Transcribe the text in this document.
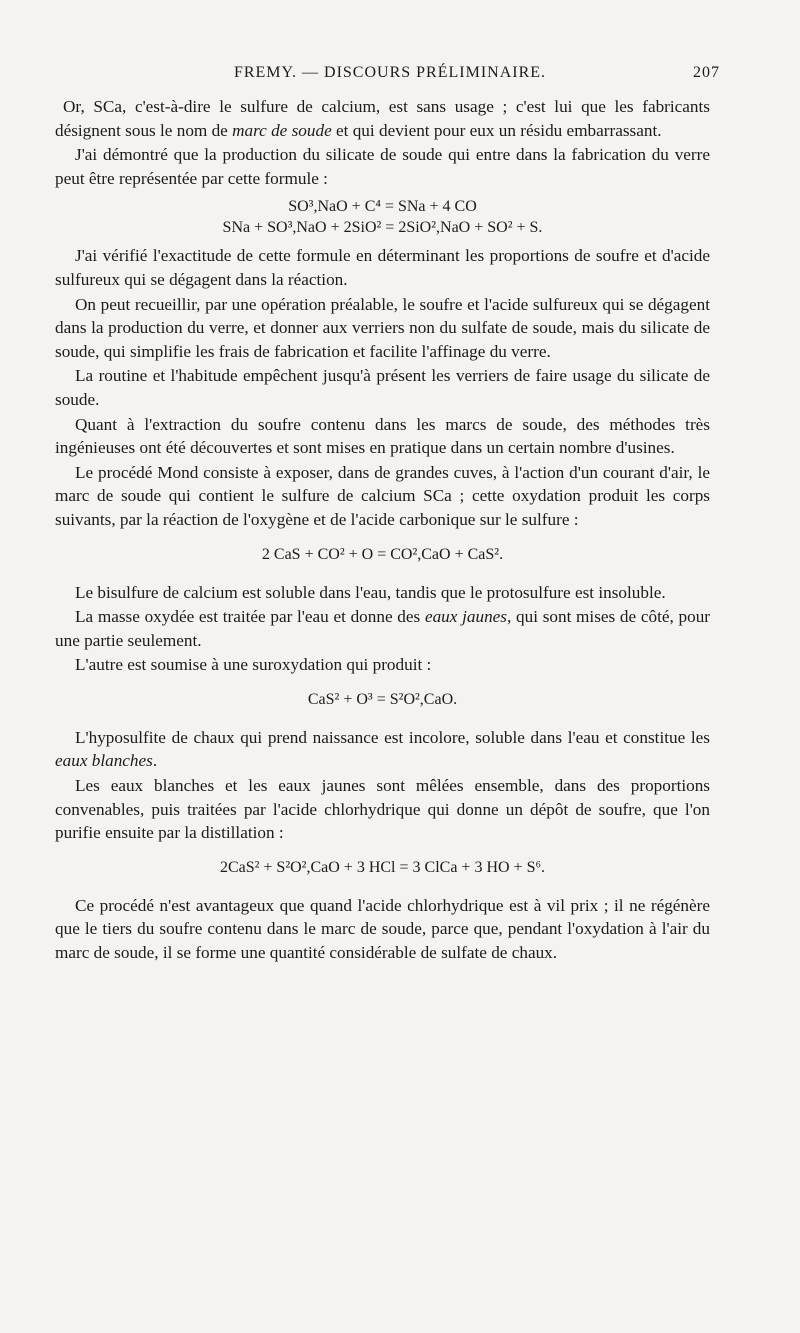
FREMY. — DISCOURS PRÉLIMINAIRE.	207

Or, SCa, c'est-à-dire le sulfure de calcium, est sans usage ; c'est lui que les fabricants désignent sous le nom de marc de soude et qui devient pour eux un résidu embarrassant.

J'ai démontré que la production du silicate de soude qui entre dans la fabrication du verre peut être représentée par cette formule :

SO³,NaO + C⁴ = SNa + 4 CO
SNa + SO³,NaO + 2SiO² = 2SiO²,NaO + SO² + S.

J'ai vérifié l'exactitude de cette formule en déterminant les proportions de soufre et d'acide sulfureux qui se dégagent dans la réaction.

On peut recueillir, par une opération préalable, le soufre et l'acide sulfureux qui se dégagent dans la production du verre, et donner aux verriers non du sulfate de soude, mais du silicate de soude, qui simplifie les frais de fabrication et facilite l'affinage du verre.

La routine et l'habitude empêchent jusqu'à présent les verriers de faire usage du silicate de soude.

Quant à l'extraction du soufre contenu dans les marcs de soude, des méthodes très ingénieuses ont été découvertes et sont mises en pratique dans un certain nombre d'usines.

Le procédé Mond consiste à exposer, dans de grandes cuves, à l'action d'un courant d'air, le marc de soude qui contient le sulfure de calcium SCa ; cette oxydation produit les corps suivants, par la réaction de l'oxygène et de l'acide carbonique sur le sulfure :

2 CaS + CO² + O = CO²,CaO + CaS².

Le bisulfure de calcium est soluble dans l'eau, tandis que le protosulfure est insoluble.

La masse oxydée est traitée par l'eau et donne des eaux jaunes, qui sont mises de côté, pour une partie seulement.

L'autre est soumise à une suroxydation qui produit :

CaS² + O³ = S²O²,CaO.

L'hyposulfite de chaux qui prend naissance est incolore, soluble dans l'eau et constitue les eaux blanches.

Les eaux blanches et les eaux jaunes sont mêlées ensemble, dans des proportions convenables, puis traitées par l'acide chlorhydrique qui donne un dépôt de soufre, que l'on purifie ensuite par la distillation :

2CaS² + S²O²,CaO + 3 HCl = 3 ClCa + 3 HO + S⁶.

Ce procédé n'est avantageux que quand l'acide chlorhydrique est à vil prix ; il ne régénère que le tiers du soufre contenu dans le marc de soude, parce que, pendant l'oxydation à l'air du marc de soude, il se forme une quantité considérable de sulfate de chaux.
